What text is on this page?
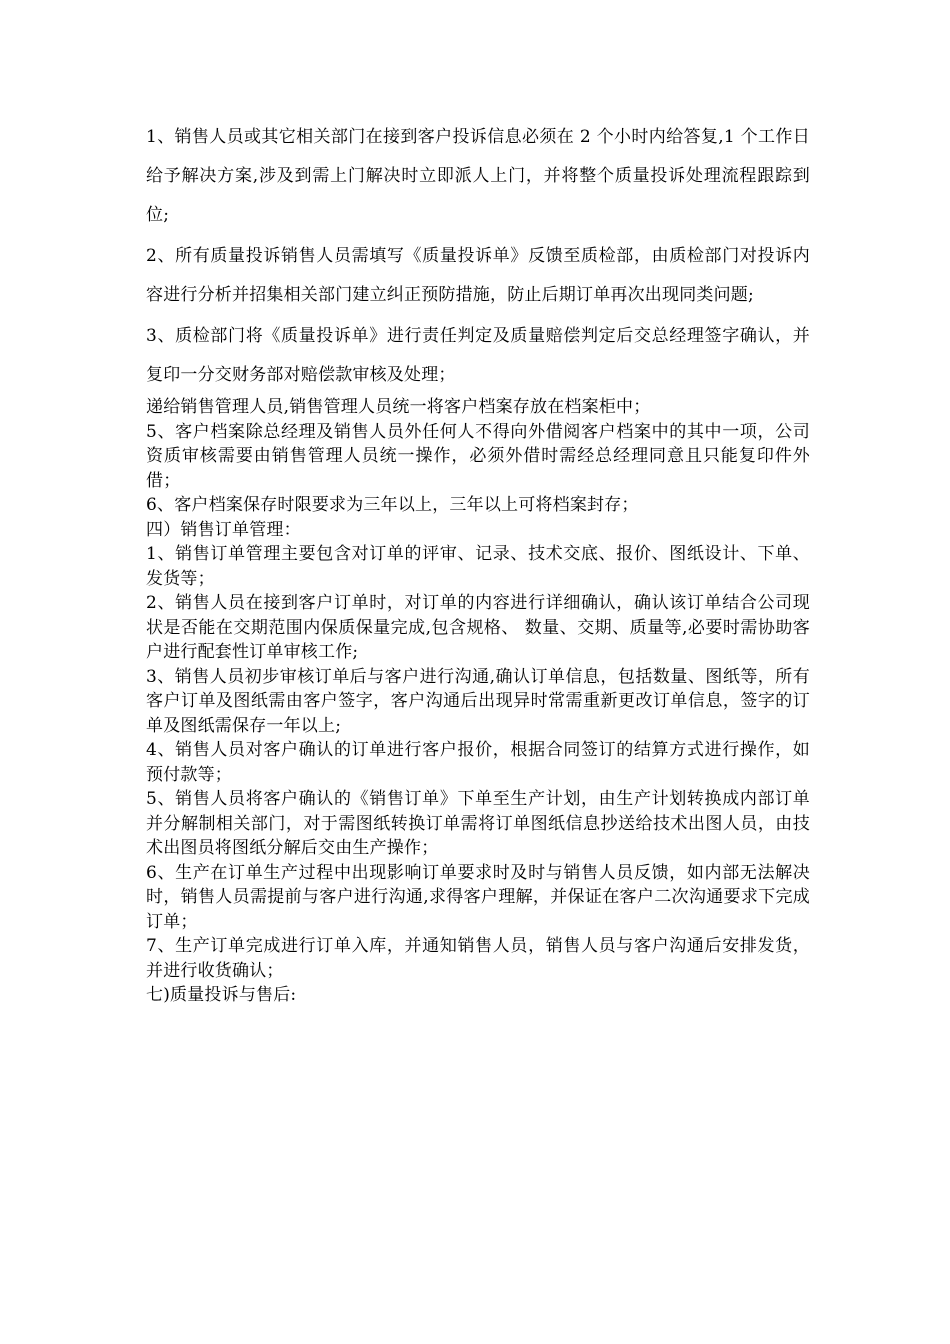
1、销售人员或其它相关部门在接到客户投诉信息必须在 2 个小时内给答复,1 个工作日给予解决方案,涉及到需上门解决时立即派人上门，并将整个质量投诉处理流程跟踪到位;

2、所有质量投诉销售人员需填写《质量投诉单》反馈至质检部，由质检部门对投诉内容进行分析并招集相关部门建立纠正预防措施，防止后期订单再次出现同类问题;

3、质检部门将《质量投诉单》进行责任判定及质量赔偿判定后交总经理签字确认，并复印一分交财务部对赔偿款审核及处理；

递给销售管理人员,销售管理人员统一将客户档案存放在档案柜中；

5、客户档案除总经理及销售人员外任何人不得向外借阅客户档案中的其中一项，公司资质审核需要由销售管理人员统一操作，必须外借时需经总经理同意且只能复印件外借；

6、客户档案保存时限要求为三年以上，三年以上可将档案封存；

四）销售订单管理：

1、销售订单管理主要包含对订单的评审、记录、技术交底、报价、图纸设计、下单、发货等；

2、销售人员在接到客户订单时，对订单的内容进行详细确认，确认该订单结合公司现状是否能在交期范围内保质保量完成,包含规格、 数量、交期、质量等,必要时需协助客户进行配套性订单审核工作;

3、销售人员初步审核订单后与客户进行沟通,确认订单信息，包括数量、图纸等，所有客户订单及图纸需由客户签字，客户沟通后出现异时常需重新更改订单信息，签字的订单及图纸需保存一年以上;

4、销售人员对客户确认的订单进行客户报价，根据合同签订的结算方式进行操作，如预付款等；

5、销售人员将客户确认的《销售订单》下单至生产计划，由生产计划转换成内部订单并分解制相关部门，对于需图纸转换订单需将订单图纸信息抄送给技术出图人员，由技术出图员将图纸分解后交由生产操作；

6、生产在订单生产过程中出现影响订单要求时及时与销售人员反馈，如内部无法解决时，销售人员需提前与客户进行沟通,求得客户理解，并保证在客户二次沟通要求下完成订单；

7、生产订单完成进行订单入库，并通知销售人员，销售人员与客户沟通后安排发货，并进行收货确认；

七)质量投诉与售后:
